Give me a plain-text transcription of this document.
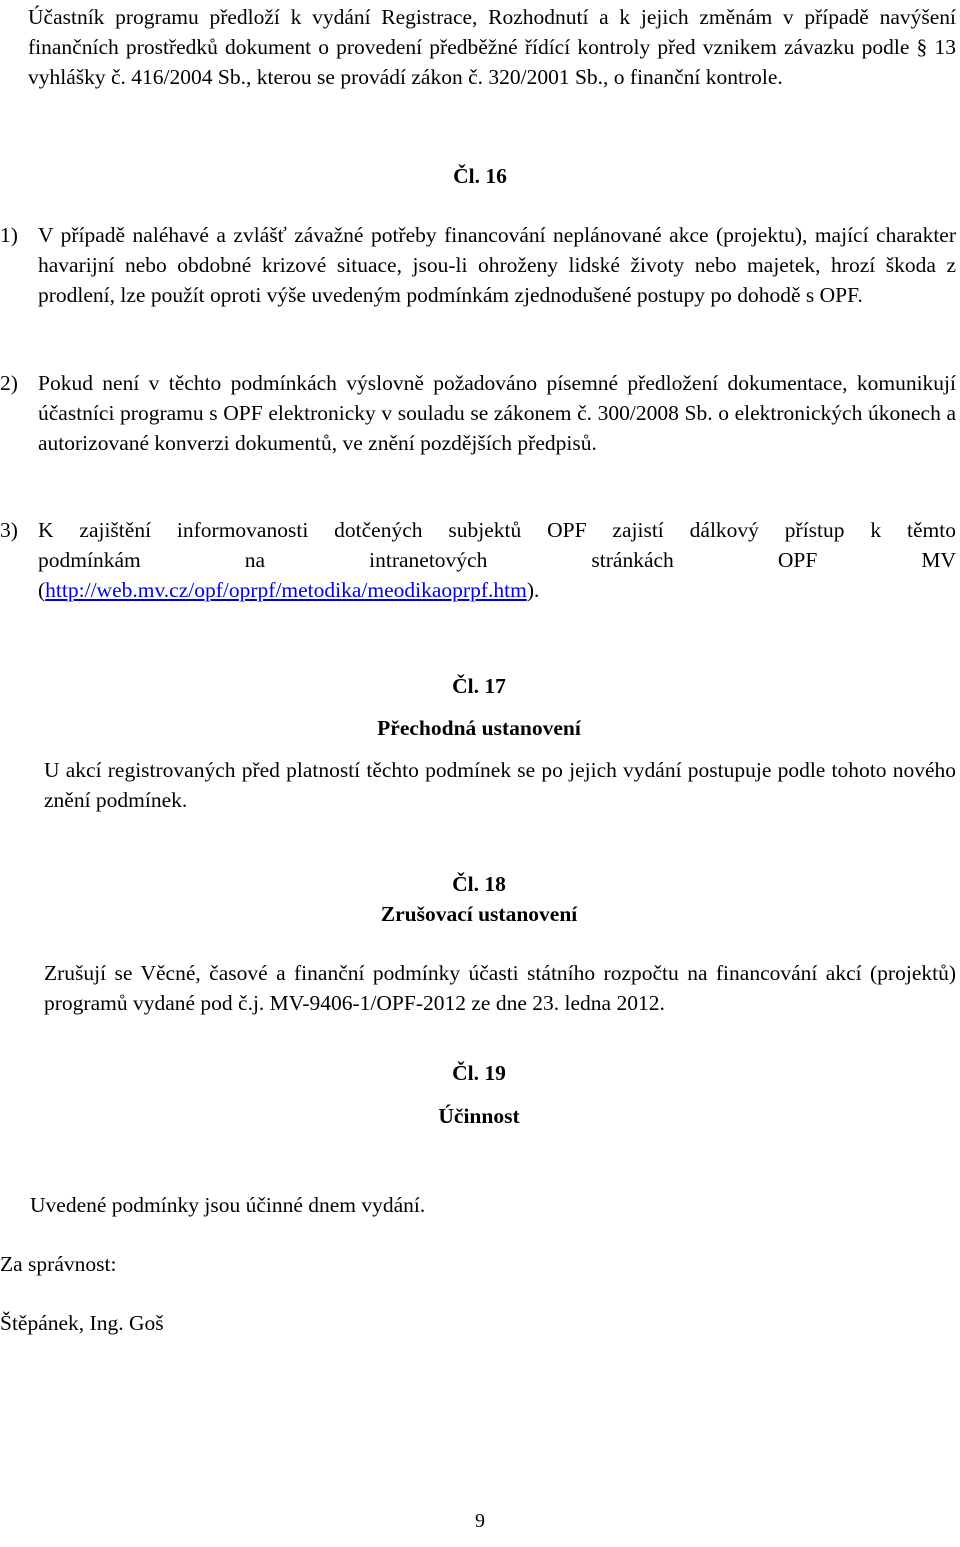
Účastník programu předloží k vydání Registrace, Rozhodnutí a k jejich změnám v případě navýšení finančních prostředků dokument o provedení předběžné řídící kontroly před vznikem závazku podle § 13 vyhlášky č. 416/2004 Sb., kterou se provádí zákon č. 320/2001 Sb., o finanční kontrole.
Čl. 16
1) V případě naléhavé a zvlášť závažné potřeby financování neplánované akce (projektu), mající charakter havarijní nebo obdobné krizové situace, jsou-li ohroženy lidské životy nebo majetek, hrozí škoda z prodlení, lze použít oproti výše uvedeným podmínkám zjednodušené postupy po dohodě s OPF.
2) Pokud není v těchto podmínkách výslovně požadováno písemné předložení dokumentace, komunikují účastníci programu s OPF elektronicky v souladu se zákonem č. 300/2008 Sb. o elektronických úkonech a autorizované konverzi dokumentů, ve znění pozdějších předpisů.
3) K zajištění informovanosti dotčených subjektů OPF zajistí dálkový přístup k těmto
podmínkám na intranetových stránkách OPF MV
(http://web.mv.cz/opf/oprpf/metodika/meodikaoprpf.htm).
Čl. 17
Přechodná ustanovení
U akcí registrovaných před platností těchto podmínek se po jejich vydání postupuje podle tohoto nového znění podmínek.
Čl. 18
Zrušovací ustanovení
Zrušují se Věcné, časové a finanční podmínky účasti státního rozpočtu na financování akcí (projektů) programů vydané pod č.j. MV-9406-1/OPF-2012 ze dne 23. ledna 2012.
Čl. 19
Účinnost
Uvedené podmínky jsou účinné dnem vydání.
Za správnost:
Štěpánek, Ing. Goš
9
